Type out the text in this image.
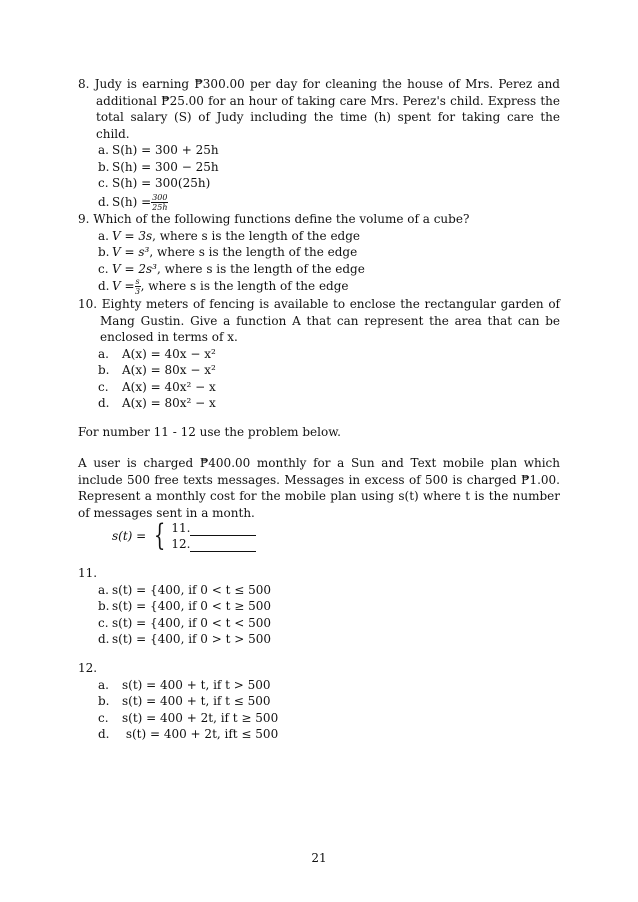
8. Judy is earning ₱300.00 per day for cleaning the house of Mrs. Perez and additional ₱25.00 for an hour of taking care Mrs. Perez's child. Express the total salary (S) of Judy including the time (h) spent for taking care the child.
a. S(h) = 300 + 25h
b. S(h) = 300 − 25h
c. S(h) = 300(25h)
d. $S(h) = \frac{300}{25h}$
9. Which of the following functions define the volume of a cube?
a. V = 3s , where s is the length of the edge
b. V = s³ , where s is the length of the edge
c. V = 2s³ , where s is the length of the edge
d. $V = \frac{s}{3}$ , where s is the length of the edge
10. Eighty meters of fencing is available to enclose the rectangular garden of Mang Gustin. Give a function A that can represent the area that can be enclosed in terms of x.
a.	A(x) = 40x − x²
b.	A(x) = 80x − x²
c.	A(x) = 40x² − x
d.	A(x) = 80x² − x
For number 11 - 12 use the problem below.
A user is charged ₱400.00 monthly for a Sun and Text mobile plan which include 500 free texts messages. Messages in excess of 500 is charged ₱1.00. Represent a monthly cost for the mobile plan using s(t) where t is the number of messages sent in a month.
s(t) = { 11.
12.
11.
a. s(t) = {400, if 0 < t ≤ 500
b. s(t) = {400, if 0 < t ≥ 500
c. s(t) = {400, if 0 < t < 500
d. s(t) = {400, if 0 > t > 500
12.
a.	s(t) = 400 + t, if t > 500
b.	s(t) = 400 + t, if t ≤ 500
c.	s(t) = 400 + 2t, if t ≥ 500
d.	s(t) = 400 + 2t, ift ≤ 500
21
